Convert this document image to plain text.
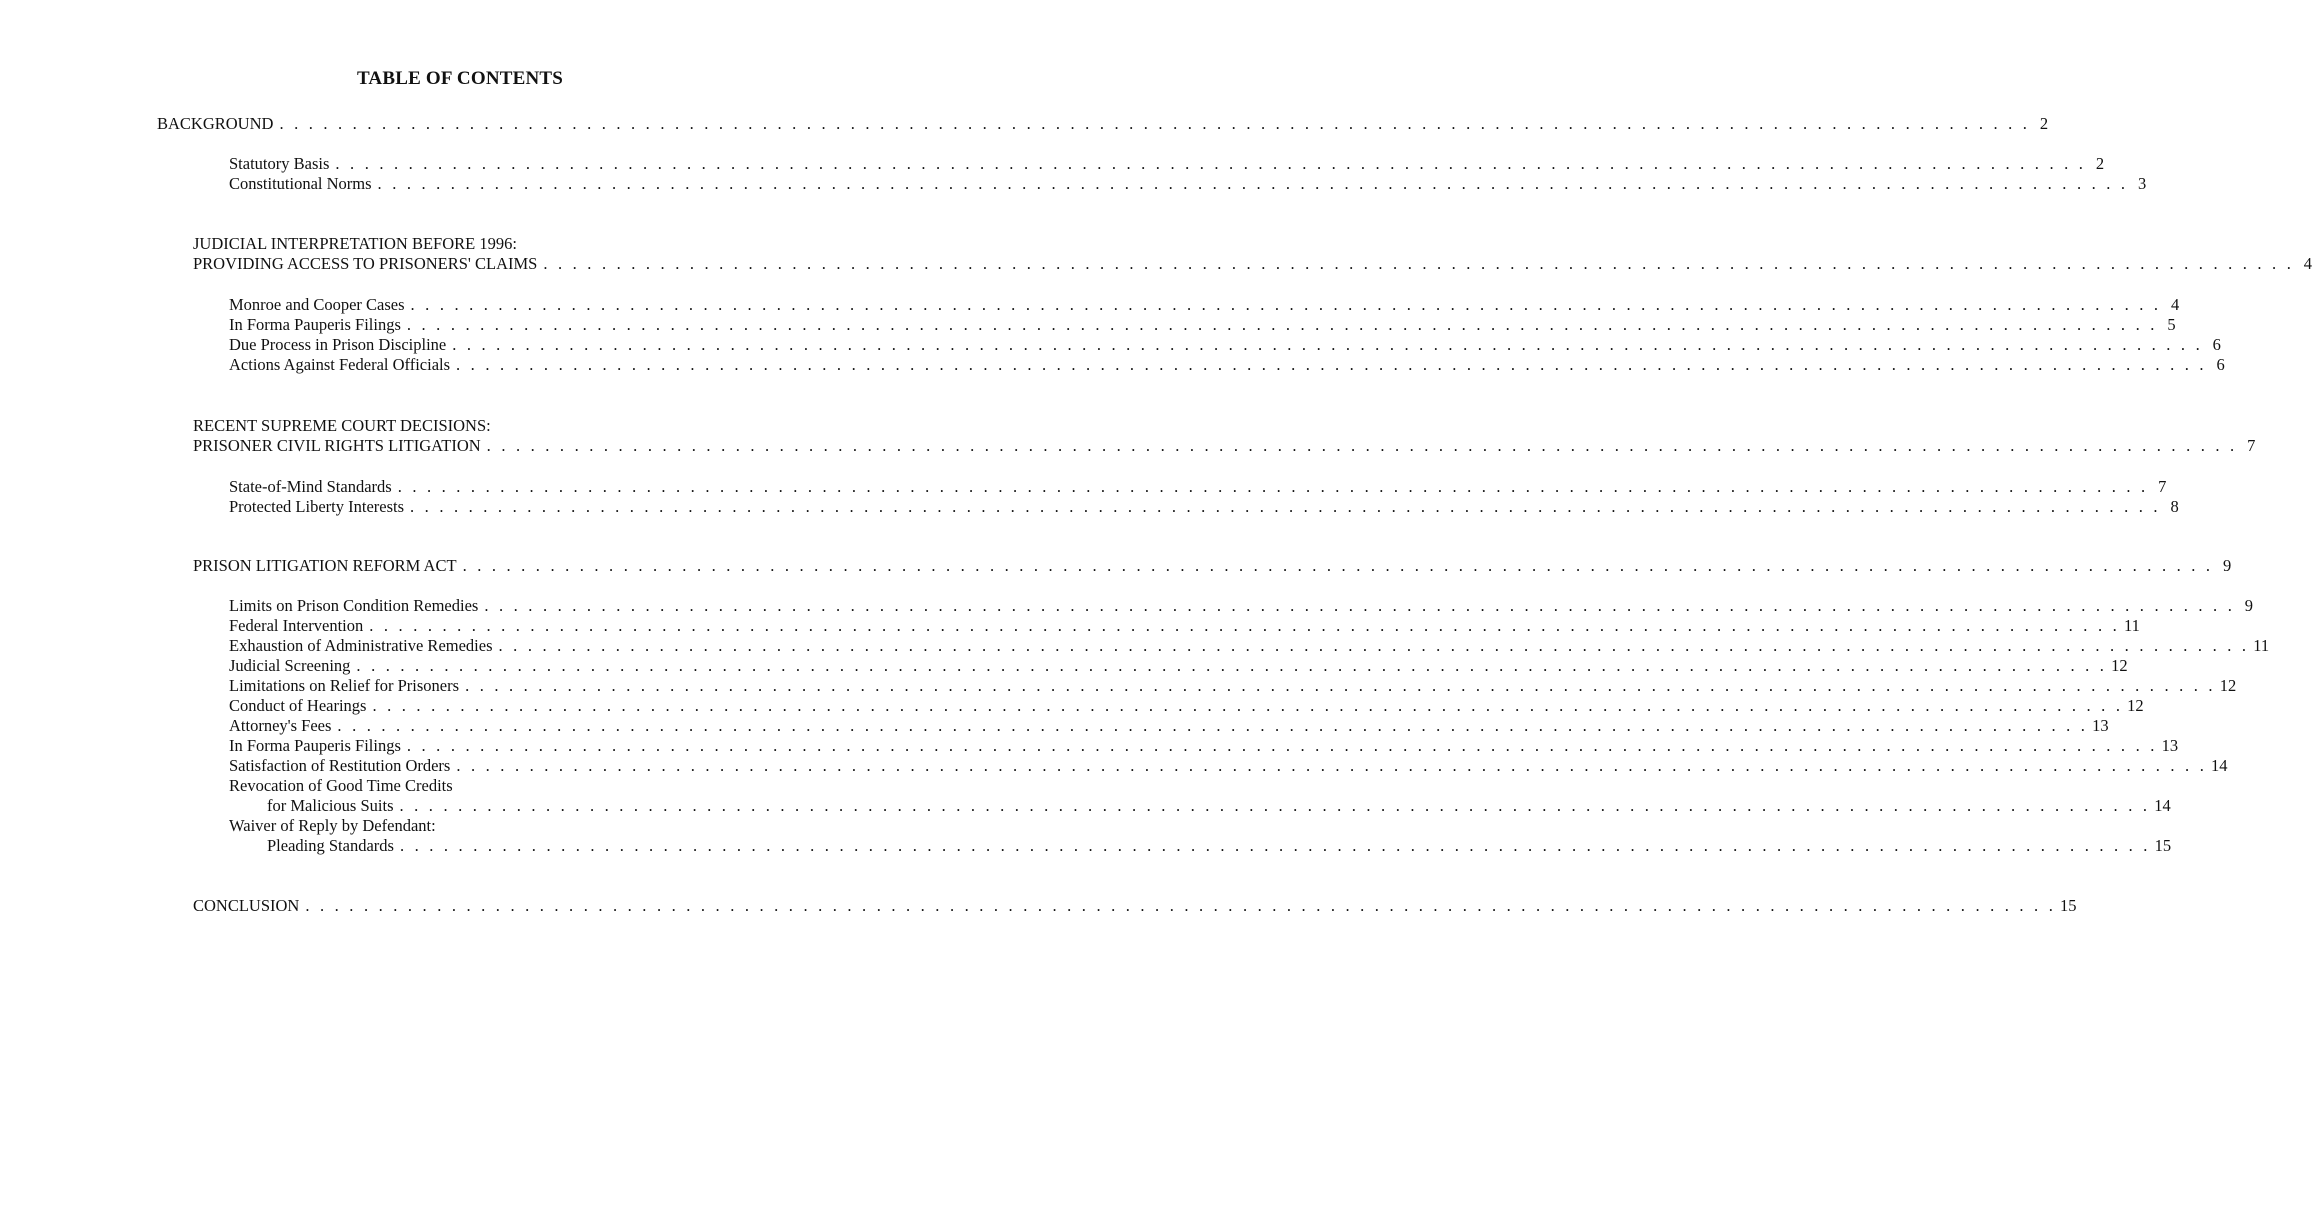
TABLE OF CONTENTS
BACKGROUND . . . . . . . . . . . . . . . . . . . . . . . . . . . . . . . . . . . . . . . . . . . . . . . . . . . . . . . . . . . . . . . . . . . . . . . . . . . . . . . . . . . . . . . . . . . . . . . . . . . . . . . . . . . . . . . . . . . . . . . . 2
Statutory Basis . . . . . . . . . . . . . . . . . . . . . . . . . . . . . . . . . . . . . . . . . . . . . . . . . . . . . . . . . . . . . . . . . . . . . . . . . . . . . . . . . . . . . . . . . . . . . . . . . . . . . . . . . . . . . . . . . . . . . . . . 2
Constitutional Norms . . . . . . . . . . . . . . . . . . . . . . . . . . . . . . . . . . . . . . . . . . . . . . . . . . . . . . . . . . . . . . . . . . . . . . . . . . . . . . . . . . . . . . . . . . . . . . . . . . . . . . . . . . . . . . . . . . . . . . . . 3
JUDICIAL INTERPRETATION BEFORE 1996:
PROVIDING ACCESS TO PRISONERS' CLAIMS . . . . . . . . . . . . . . . . . . . . . . . . . . . . . . . . . . . . . . . . . . . . . . . . . . . . . . . . . . . . . . . . . . . . . . . . . . . . . . . . . . . . . . . . . . . . . . . . . . . . . . . . . . . . . . . . . . . . . . . . 4
Monroe and Cooper Cases . . . . . . . . . . . . . . . . . . . . . . . . . . . . . . . . . . . . . . . . . . . . . . . . . . . . . . . . . . . . . . . . . . . . . . . . . . . . . . . . . . . . . . . . . . . . . . . . . . . . . . . . . . . . . . . . . . . . . . . . 4
In Forma Pauperis Filings . . . . . . . . . . . . . . . . . . . . . . . . . . . . . . . . . . . . . . . . . . . . . . . . . . . . . . . . . . . . . . . . . . . . . . . . . . . . . . . . . . . . . . . . . . . . . . . . . . . . . . . . . . . . . . . . . . . . . . . . 5
Due Process in Prison Discipline . . . . . . . . . . . . . . . . . . . . . . . . . . . . . . . . . . . . . . . . . . . . . . . . . . . . . . . . . . . . . . . . . . . . . . . . . . . . . . . . . . . . . . . . . . . . . . . . . . . . . . . . . . . . . . . . . . . . . . . . 6
Actions Against Federal Officials . . . . . . . . . . . . . . . . . . . . . . . . . . . . . . . . . . . . . . . . . . . . . . . . . . . . . . . . . . . . . . . . . . . . . . . . . . . . . . . . . . . . . . . . . . . . . . . . . . . . . . . . . . . . . . . . . . . . . . . . 6
RECENT SUPREME COURT DECISIONS:
PRISONER CIVIL RIGHTS LITIGATION . . . . . . . . . . . . . . . . . . . . . . . . . . . . . . . . . . . . . . . . . . . . . . . . . . . . . . . . . . . . . . . . . . . . . . . . . . . . . . . . . . . . . . . . . . . . . . . . . . . . . . . . . . . . . . . . . . . . . . . . 7
State-of-Mind Standards . . . . . . . . . . . . . . . . . . . . . . . . . . . . . . . . . . . . . . . . . . . . . . . . . . . . . . . . . . . . . . . . . . . . . . . . . . . . . . . . . . . . . . . . . . . . . . . . . . . . . . . . . . . . . . . . . . . . . . . . 7
Protected Liberty Interests . . . . . . . . . . . . . . . . . . . . . . . . . . . . . . . . . . . . . . . . . . . . . . . . . . . . . . . . . . . . . . . . . . . . . . . . . . . . . . . . . . . . . . . . . . . . . . . . . . . . . . . . . . . . . . . . . . . . . . . . 8
PRISON LITIGATION REFORM ACT . . . . . . . . . . . . . . . . . . . . . . . . . . . . . . . . . . . . . . . . . . . . . . . . . . . . . . . . . . . . . . . . . . . . . . . . . . . . . . . . . . . . . . . . . . . . . . . . . . . . . . . . . . . . . . . . . . . . . . . . 9
Limits on Prison Condition Remedies . . . . . . . . . . . . . . . . . . . . . . . . . . . . . . . . . . . . . . . . . . . . . . . . . . . . . . . . . . . . . . . . . . . . . . . . . . . . . . . . . . . . . . . . . . . . . . . . . . . . . . . . . . . . . . . . . . . . . . . . 9
Federal Intervention . . . . . . . . . . . . . . . . . . . . . . . . . . . . . . . . . . . . . . . . . . . . . . . . . . . . . . . . . . . . . . . . . . . . . . . . . . . . . . . . . . . . . . . . . . . . . . . . . . . . . . . . . . . . . . . . . . . . . . . . 11
Exhaustion of Administrative Remedies . . . . . . . . . . . . . . . . . . . . . . . . . . . . . . . . . . . . . . . . . . . . . . . . . . . . . . . . . . . . . . . . . . . . . . . . . . . . . . . . . . . . . . . . . . . . . . . . . . . . . . . . . . . . . . . . . . . . . . . . 11
Judicial Screening . . . . . . . . . . . . . . . . . . . . . . . . . . . . . . . . . . . . . . . . . . . . . . . . . . . . . . . . . . . . . . . . . . . . . . . . . . . . . . . . . . . . . . . . . . . . . . . . . . . . . . . . . . . . . . . . . . . . . . . . 12
Limitations on Relief for Prisoners . . . . . . . . . . . . . . . . . . . . . . . . . . . . . . . . . . . . . . . . . . . . . . . . . . . . . . . . . . . . . . . . . . . . . . . . . . . . . . . . . . . . . . . . . . . . . . . . . . . . . . . . . . . . . . . . . . . . . . . . 12
Conduct of Hearings . . . . . . . . . . . . . . . . . . . . . . . . . . . . . . . . . . . . . . . . . . . . . . . . . . . . . . . . . . . . . . . . . . . . . . . . . . . . . . . . . . . . . . . . . . . . . . . . . . . . . . . . . . . . . . . . . . . . . . . . 12
Attorney's Fees . . . . . . . . . . . . . . . . . . . . . . . . . . . . . . . . . . . . . . . . . . . . . . . . . . . . . . . . . . . . . . . . . . . . . . . . . . . . . . . . . . . . . . . . . . . . . . . . . . . . . . . . . . . . . . . . . . . . . . . . 13
In Forma Pauperis Filings . . . . . . . . . . . . . . . . . . . . . . . . . . . . . . . . . . . . . . . . . . . . . . . . . . . . . . . . . . . . . . . . . . . . . . . . . . . . . . . . . . . . . . . . . . . . . . . . . . . . . . . . . . . . . . . . . . . . . . . . 13
Satisfaction of Restitution Orders . . . . . . . . . . . . . . . . . . . . . . . . . . . . . . . . . . . . . . . . . . . . . . . . . . . . . . . . . . . . . . . . . . . . . . . . . . . . . . . . . . . . . . . . . . . . . . . . . . . . . . . . . . . . . . . . . . . . . . . . 14
Revocation of Good Time Credits
for Malicious Suits . . . . . . . . . . . . . . . . . . . . . . . . . . . . . . . . . . . . . . . . . . . . . . . . . . . . . . . . . . . . . . . . . . . . . . . . . . . . . . . . . . . . . . . . . . . . . . . . . . . . . . . . . . . . . . . . . . . . . . . . 14
Waiver of Reply by Defendant:
Pleading Standards . . . . . . . . . . . . . . . . . . . . . . . . . . . . . . . . . . . . . . . . . . . . . . . . . . . . . . . . . . . . . . . . . . . . . . . . . . . . . . . . . . . . . . . . . . . . . . . . . . . . . . . . . . . . . . . . . . . . . . . . 15
CONCLUSION . . . . . . . . . . . . . . . . . . . . . . . . . . . . . . . . . . . . . . . . . . . . . . . . . . . . . . . . . . . . . . . . . . . . . . . . . . . . . . . . . . . . . . . . . . . . . . . . . . . . . . . . . . . . . . . . . . . . . . . . 15
